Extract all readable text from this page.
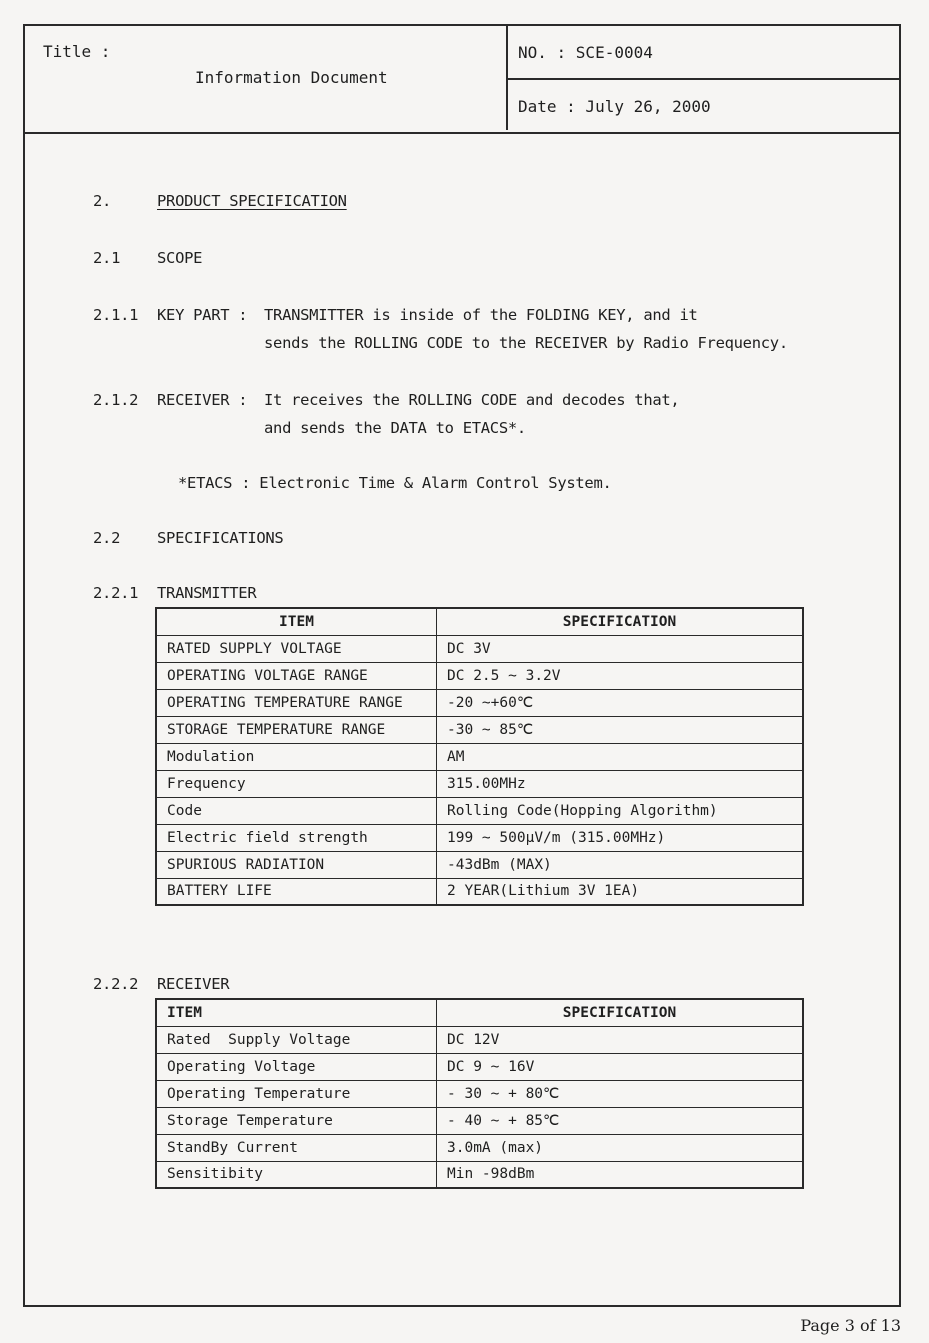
Title :
Information Document
NO. : SCE-0004
Date : July 26, 2000
2.	PRODUCT SPECIFICATION
2.1 SCOPE
2.1.1 KEY PART : TRANSMITTER is inside of the FOLDING KEY, and it
sends the ROLLING CODE to the RECEIVER by Radio Frequency.
2.1.2 RECEIVER : It receives the ROLLING CODE and decodes that,
and sends the DATA to ETACS*.
*ETACS : Electronic Time & Alarm Control System.
2.2 SPECIFICATIONS
2.2.1 TRANSMITTER
ITEM	SPECIFICATION
RATED SUPPLY VOLTAGE	DC 3V
OPERATING VOLTAGE RANGE	DC 2.5 ~ 3.2V
OPERATING TEMPERATURE RANGE	-20 ~+60℃
STORAGE TEMPERATURE RANGE	-30 ~ 85℃
Modulation	AM
Frequency	315.00MHz
Code	Rolling Code(Hopping Algorithm)
Electric field strength	199 ~ 500μV/m (315.00MHz)
SPURIOUS RADIATION	-43dBm (MAX)
BATTERY LIFE	2 YEAR(Lithium 3V 1EA)
2.2.2 RECEIVER
ITEM	SPECIFICATION
Rated  Supply Voltage	DC 12V
Operating Voltage	DC 9 ~ 16V
Operating Temperature	- 30 ~ + 80℃
Storage Temperature	- 40 ~ + 85℃
StandBy Current	3.0mA (max)
Sensitibity	Min -98dBm
Page 3 of 13
